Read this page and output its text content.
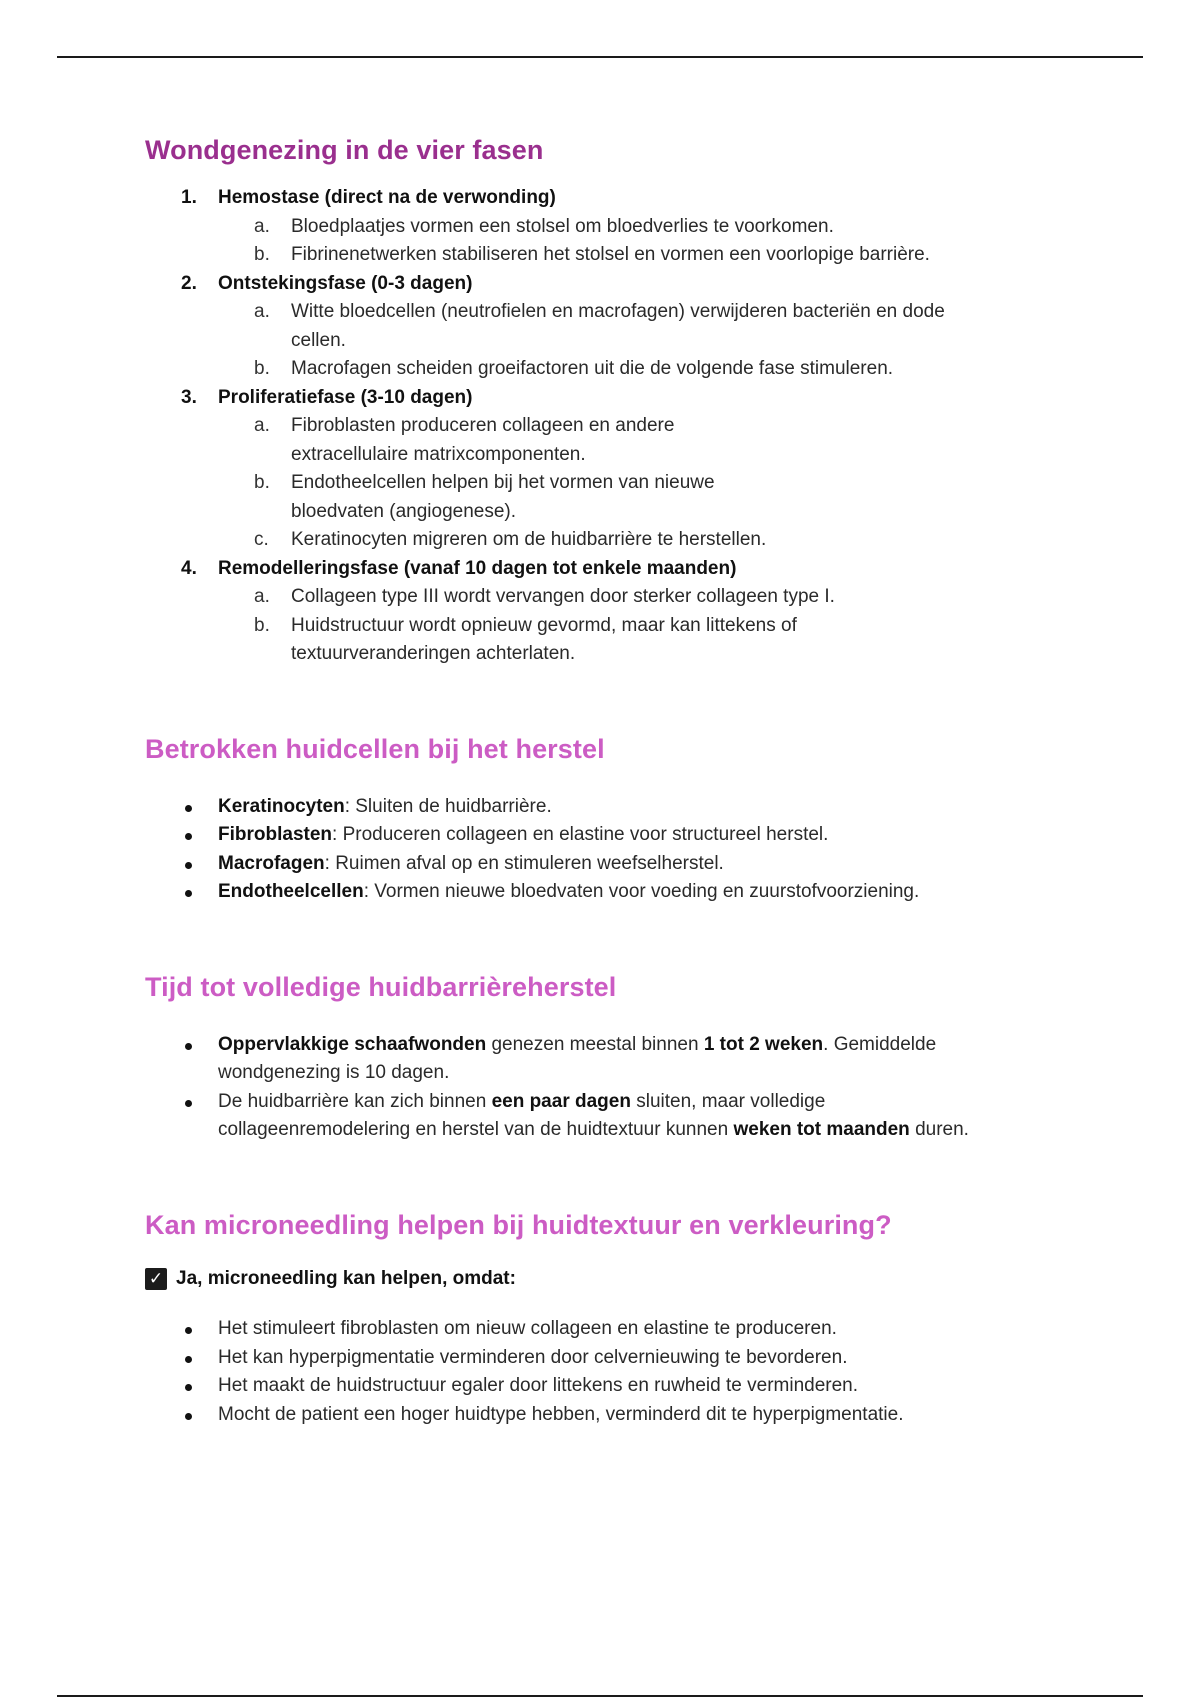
Wondgenezing in de vier fasen
1. Hemostase (direct na de verwonding)
a. Bloedplaatjes vormen een stolsel om bloedverlies te voorkomen.
b. Fibrinenetwerken stabiliseren het stolsel en vormen een voorlopige barrière.
2. Ontstekingsfase (0-3 dagen)
a. Witte bloedcellen (neutrofielen en macrofagen) verwijderen bacteriën en dode cellen.
b. Macrofagen scheiden groeifactoren uit die de volgende fase stimuleren.
3. Proliferatiefase (3-10 dagen)
a. Fibroblasten produceren collageen en andere extracellulaire matrixcomponenten.
b. Endotheelcellen helpen bij het vormen van nieuwe bloedvaten (angiogenese).
c. Keratinocyten migreren om de huidbarrière te herstellen.
4. Remodelleringsfase (vanaf 10 dagen tot enkele maanden)
a. Collageen type III wordt vervangen door sterker collageen type I.
b. Huidstructuur wordt opnieuw gevormd, maar kan littekens of textuurveranderingen achterlaten.
Betrokken huidcellen bij het herstel
Keratinocyten: Sluiten de huidbarrière.
Fibroblasten: Produceren collageen en elastine voor structureel herstel.
Macrofagen: Ruimen afval op en stimuleren weefselherstel.
Endotheelcellen: Vormen nieuwe bloedvaten voor voeding en zuurstofvoorziening.
Tijd tot volledige huidbarrièreherstel
Oppervlakkige schaafwonden genezen meestal binnen 1 tot 2 weken. Gemiddelde wondgenezing is 10 dagen.
De huidbarrière kan zich binnen een paar dagen sluiten, maar volledige collageenremodelering en herstel van de huidtextuur kunnen weken tot maanden duren.
Kan microneedling helpen bij huidtextuur en verkleuring?
✓ Ja, microneedling kan helpen, omdat:
Het stimuleert fibroblasten om nieuw collageen en elastine te produceren.
Het kan hyperpigmentatie verminderen door celvernieuwing te bevorderen.
Het maakt de huidstructuur egaler door littekens en ruwheid te verminderen.
Mocht de patient een hoger huidtype hebben, verminderd dit te hyperpigmentatie.
